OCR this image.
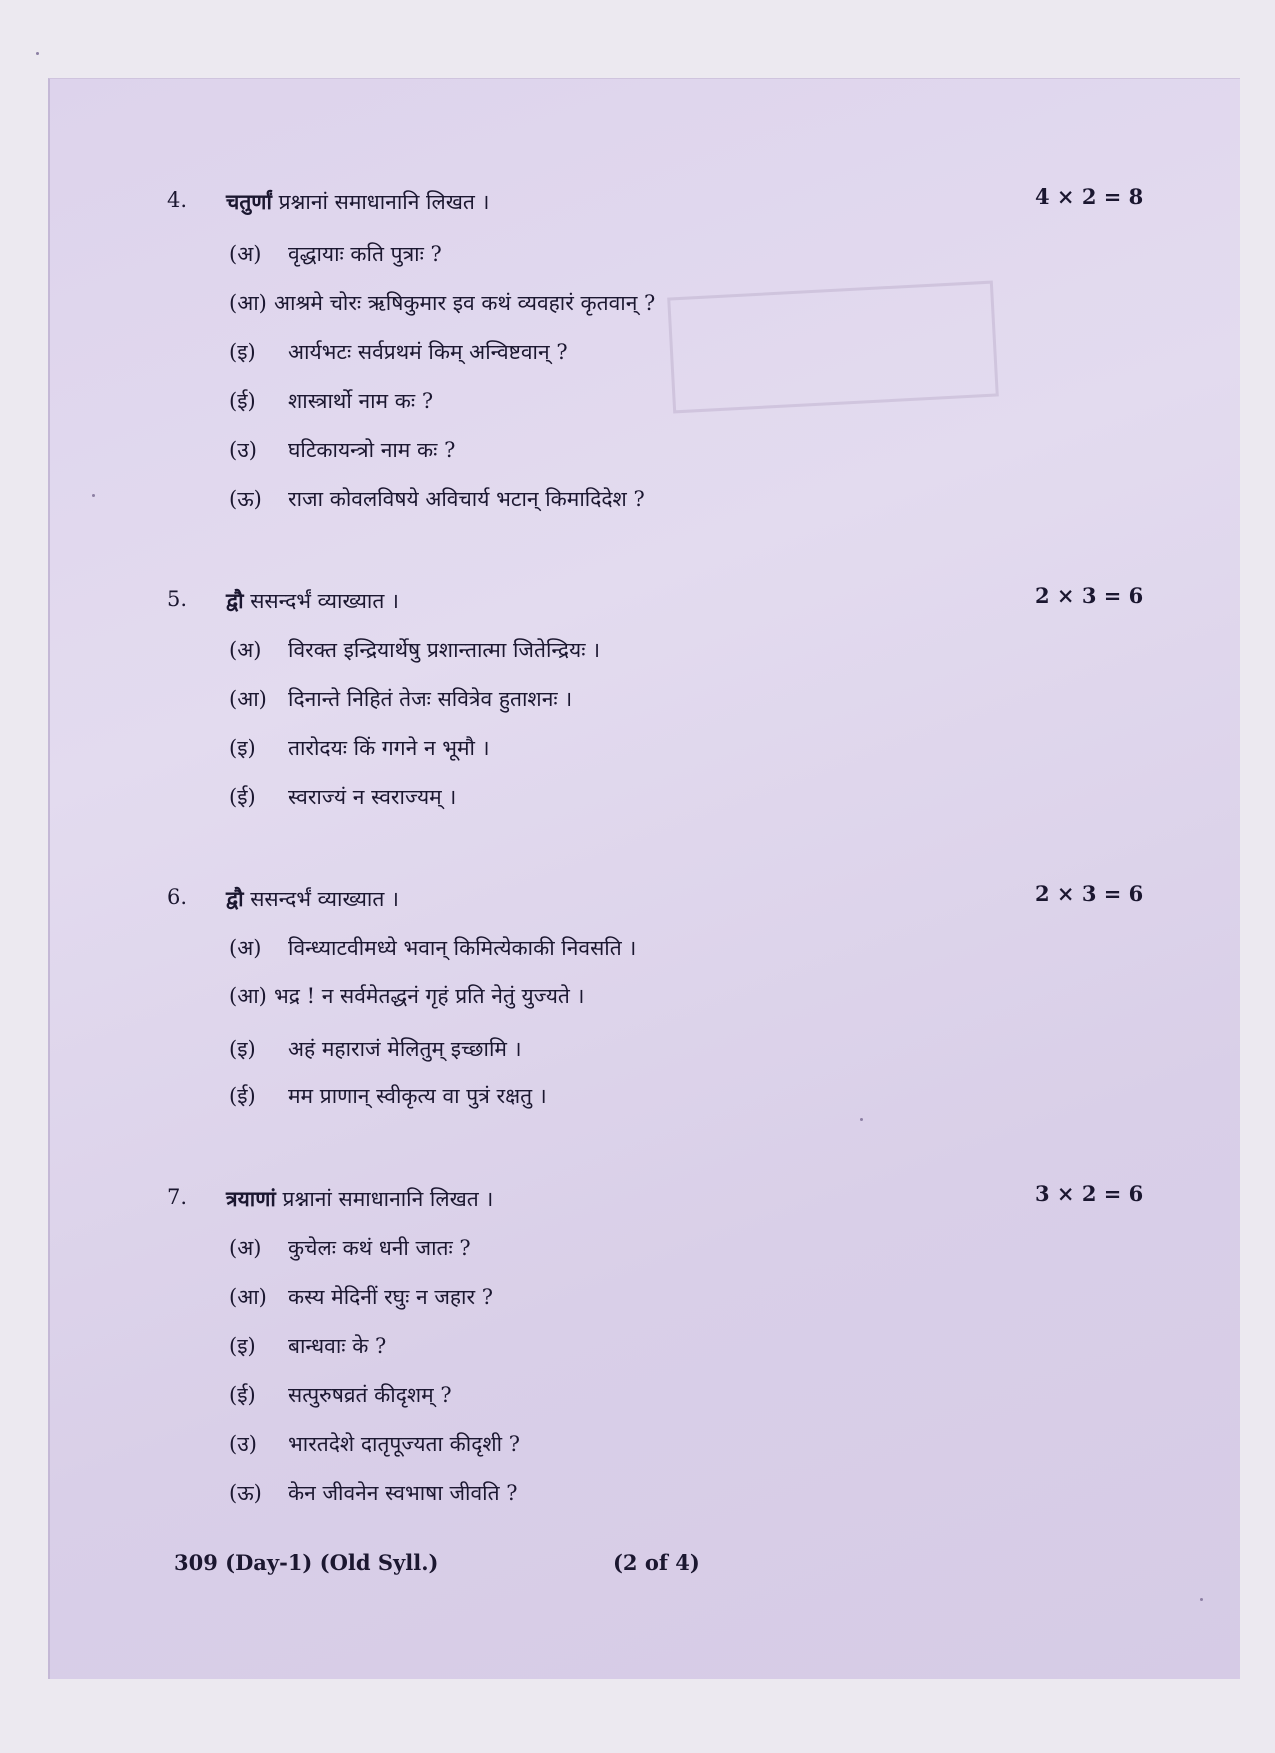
4. चतुर्णां प्रश्नानां समाधानानि लिखत ।	4 × 2 = 8
(अ) वृद्धायाः कति पुत्राः ?
(आ) आश्रमे चोरः ऋषिकुमार इव कथं व्यवहारं कृतवान् ?
(इ) आर्यभटः सर्वप्रथमं किम् अन्विष्टवान् ?
(ई) शास्त्रार्थो नाम कः ?
(उ) घटिकायन्त्रो नाम कः ?
(ऊ) राजा कोवलविषये अविचार्य भटान् किमादिदेश ?
5. द्वौ ससन्दर्भं व्याख्यात ।	2 × 3 = 6
(अ) विरक्त इन्द्रियार्थेषु प्रशान्तात्मा जितेन्द्रियः ।
(आ) दिनान्ते निहितं तेजः सवित्रेव हुताशनः ।
(इ) तारोदयः किं गगने न भूमौ ।
(ई) स्वराज्यं न स्वराज्यम् ।
6. द्वौ ससन्दर्भं व्याख्यात ।	2 × 3 = 6
(अ) विन्ध्याटवीमध्ये भवान् किमित्येकाकी निवसति ।
(आ) भद्र ! न सर्वमेतद्धनं गृहं प्रति नेतुं युज्यते ।
(इ) अहं महाराजं मेलितुम् इच्छामि ।
(ई) मम प्राणान् स्वीकृत्य वा पुत्रं रक्षतु ।
7. त्रयाणां प्रश्नानां समाधानानि लिखत ।	3 × 2 = 6
(अ) कुचेलः कथं धनी जातः ?
(आ) कस्य मेदिनीं रघुः न जहार ?
(इ) बान्धवाः के ?
(ई) सत्पुरुषव्रतं कीदृशम् ?
(उ) भारतदेशे दातृपूज्यता कीदृशी ?
(ऊ) केन जीवनेन स्वभाषा जीवति ?
309 (Day-1) (Old Syll.)	(2 of 4)
